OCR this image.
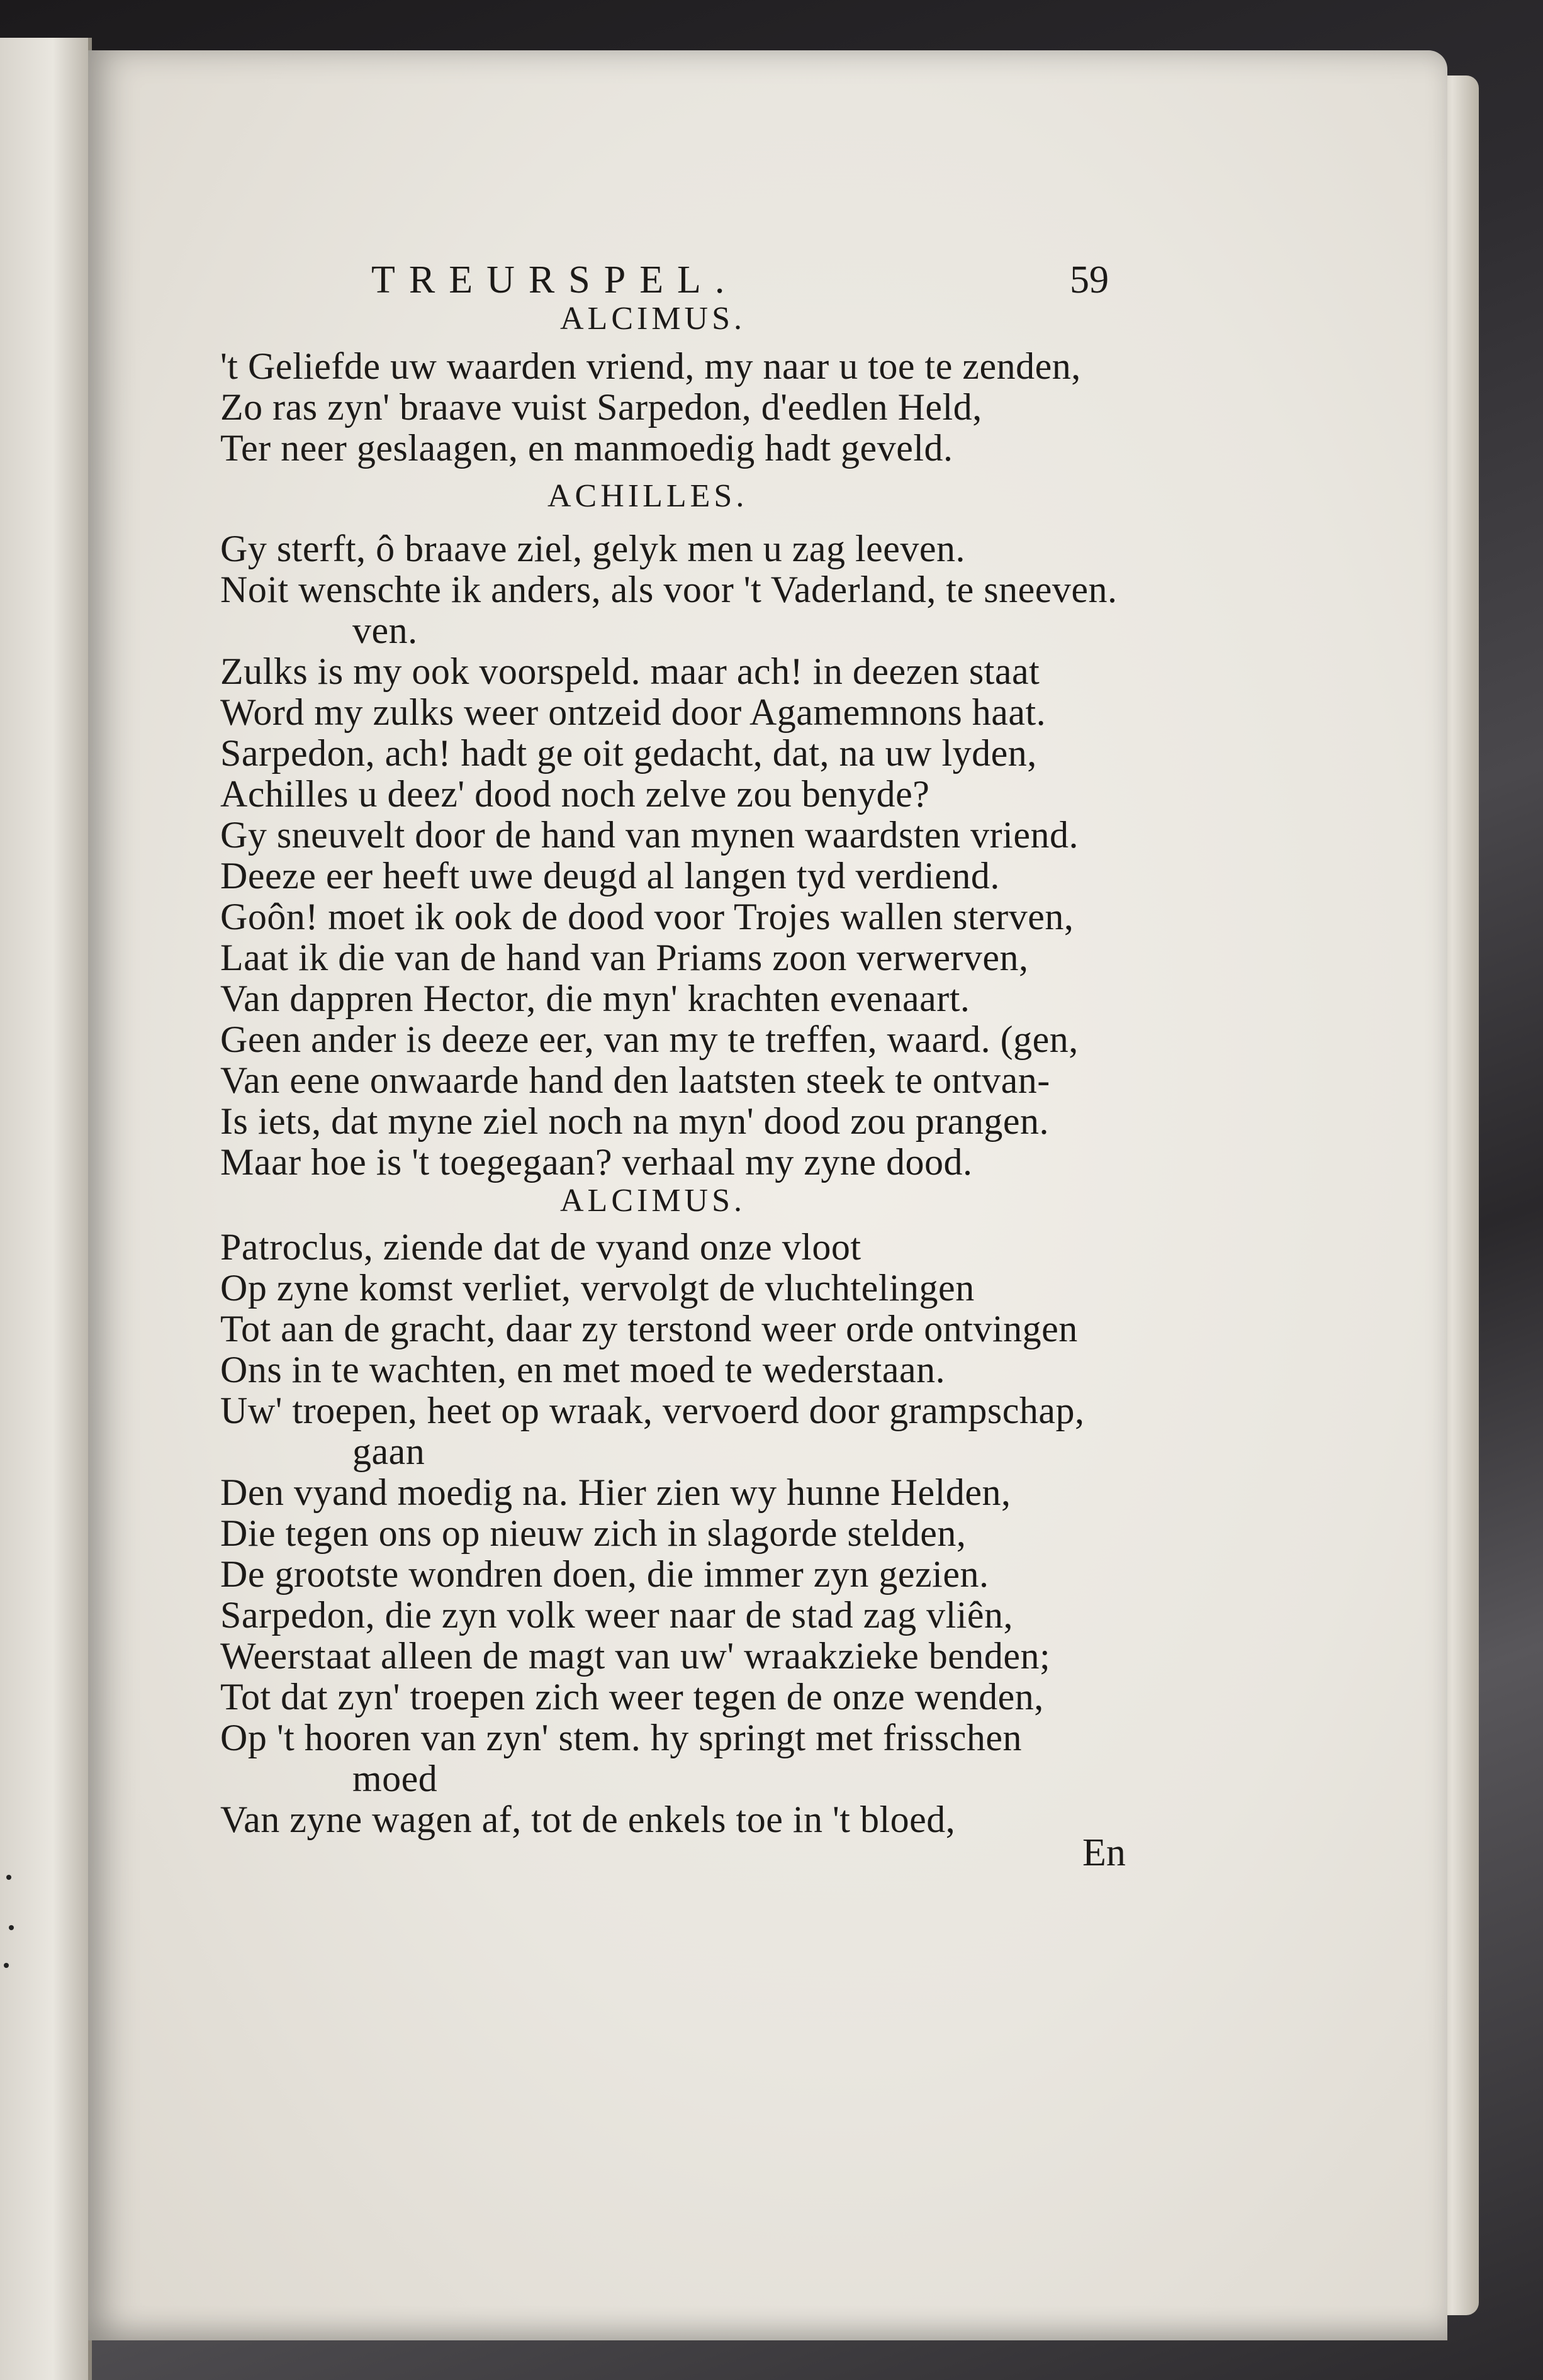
TREURSPEL.	59
ALCIMUS.
't Geliefde uw waarden vriend, my naar u toe te zenden,
Zo ras zyn' braave vuist Sarpedon, d'eedlen Held,
Ter neer geslaagen, en manmoedig hadt geveld.
ACHILLES.
Gy sterft, ô braave ziel, gelyk men u zag leeven.
Noit wenschte ik anders, als voor 't Vaderland, te sneeven.
ven.
Zulks is my ook voorspeld. maar ach! in deezen staat
Word my zulks weer ontzeid door Agamemnons haat.
Sarpedon, ach! hadt ge oit gedacht, dat, na uw lyden,
Achilles u deez' dood noch zelve zou benyde?
Gy sneuvelt door de hand van mynen waardsten vriend.
Deeze eer heeft uwe deugd al langen tyd verdiend.
Goôn! moet ik ook de dood voor Trojes wallen sterven,
Laat ik die van de hand van Priams zoon verwerven,
Van dappren Hector, die myn' krachten evenaart.
Geen ander is deeze eer, van my te treffen, waard. (gen,
Van eene onwaarde hand den laatsten steek te ontvan-
Is iets, dat myne ziel noch na myn' dood zou prangen.
Maar hoe is 't toegegaan? verhaal my zyne dood.
ALCIMUS.
Patroclus, ziende dat de vyand onze vloot
Op zyne komst verliet, vervolgt de vluchtelingen
Tot aan de gracht, daar zy terstond weer orde ontvingen
Ons in te wachten, en met moed te wederstaan.
Uw' troepen, heet op wraak, vervoerd door grampschap,
gaan
Den vyand moedig na. Hier zien wy hunne Helden,
Die tegen ons op nieuw zich in slagorde stelden,
De grootste wondren doen, die immer zyn gezien.
Sarpedon, die zyn volk weer naar de stad zag vliên,
Weerstaat alleen de magt van uw' wraakzieke benden;
Tot dat zyn' troepen zich weer tegen de onze wenden,
Op 't hooren van zyn' stem. hy springt met frisschen
moed
Van zyne wagen af, tot de enkels toe in 't bloed,
En
